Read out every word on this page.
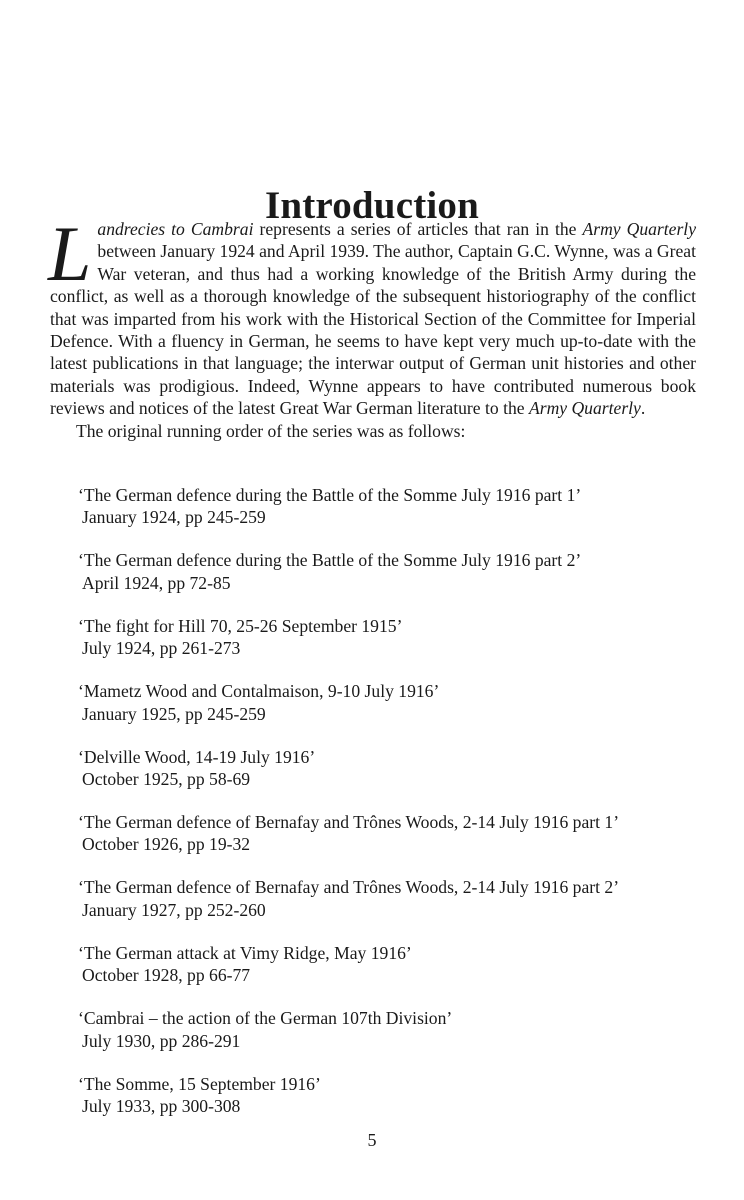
Introduction

Landrecies to Cambrai represents a series of articles that ran in the Army Quarterly between January 1924 and April 1939. The author, Captain G.C. Wynne, was a Great War veteran, and thus had a working knowledge of the British Army during the conflict, as well as a thorough knowledge of the subsequent historiography of the conflict that was imparted from his work with the Historical Section of the Committee for Imperial Defence. With a fluency in German, he seems to have kept very much up-to-date with the latest publications in that language; the interwar output of German unit histories and other materials was prodigious. Indeed, Wynne appears to have contributed numerous book reviews and notices of the latest Great War German literature to the Army Quarterly.

The original running order of the series was as follows:

‘The German defence during the Battle of the Somme July 1916 part 1’
January 1924, pp 245-259
‘The German defence during the Battle of the Somme July 1916 part 2’
April 1924, pp 72-85
‘The fight for Hill 70, 25-26 September 1915’
July 1924, pp 261-273
‘Mametz Wood and Contalmaison, 9-10 July 1916’
January 1925, pp 245-259
‘Delville Wood, 14-19 July 1916’
October 1925, pp 58-69
‘The German defence of Bernafay and Trônes Woods, 2-14 July 1916 part 1’
October 1926, pp 19-32
‘The German defence of Bernafay and Trônes Woods, 2-14 July 1916 part 2’
January 1927, pp 252-260
‘The German attack at Vimy Ridge, May 1916’
October 1928, pp 66-77
‘Cambrai – the action of the German 107th Division’
July 1930, pp 286-291
‘The Somme, 15 September 1916’
July 1933, pp 300-308
5
